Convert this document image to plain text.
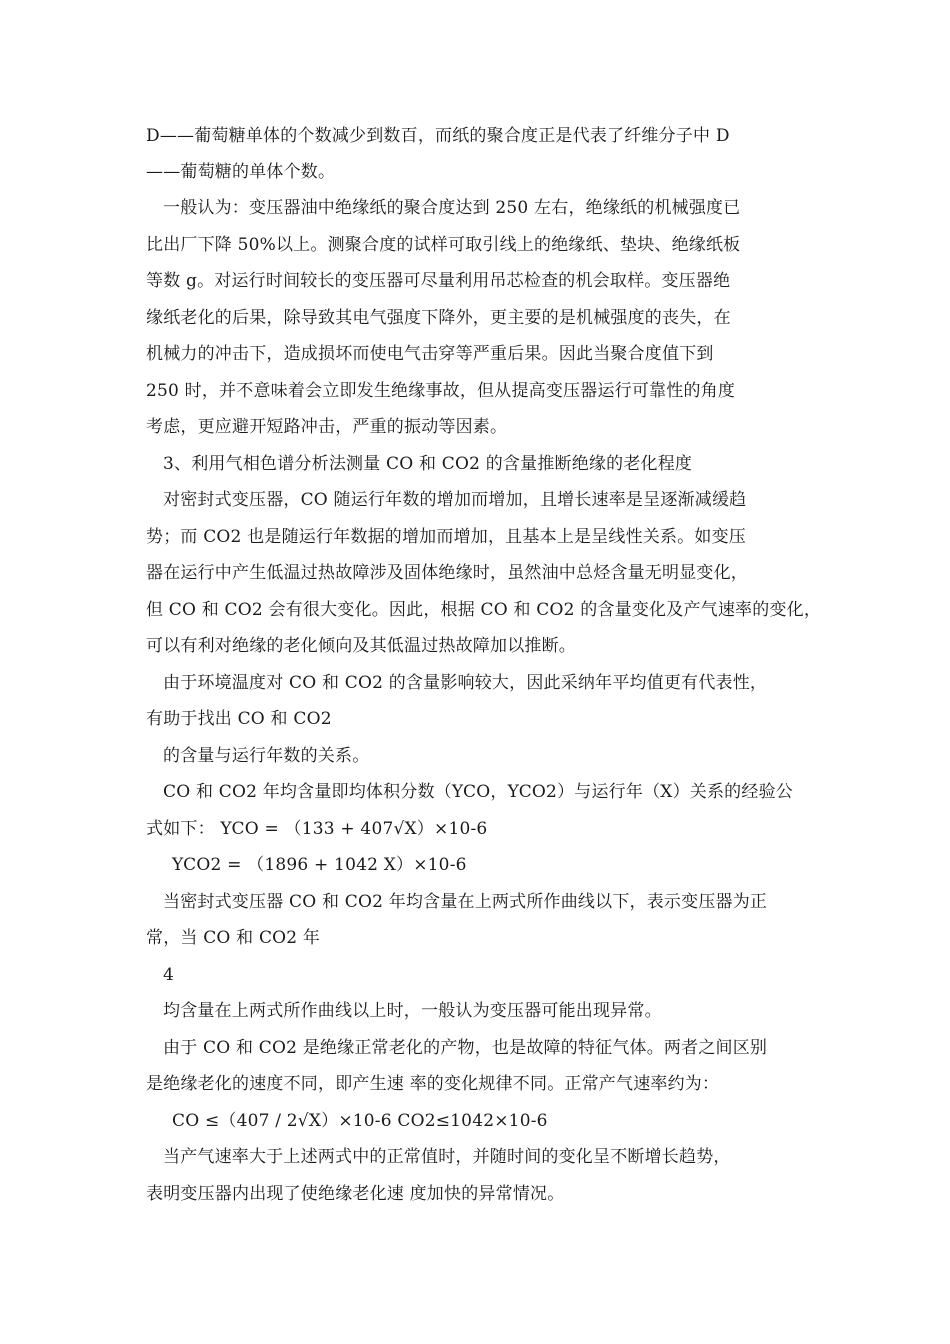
D——葡萄糖单体的个数减少到数百，而纸的聚合度正是代表了纤维分子中 D
——葡萄糖的单体个数。
一般认为：变压器油中绝缘纸的聚合度达到 250 左右，绝缘纸的机械强度已
比出厂下降 50%以上。测聚合度的试样可取引线上的绝缘纸、垫块、绝缘纸板
等数 g。对运行时间较长的变压器可尽量利用吊芯检查的机会取样。变压器绝
缘纸老化的后果，除导致其电气强度下降外，更主要的是机械强度的丧失，在
机械力的冲击下，造成损坏而使电气击穿等严重后果。因此当聚合度值下到
250 时，并不意味着会立即发生绝缘事故，但从提高变压器运行可靠性的角度
考虑，更应避开短路冲击，严重的振动等因素。
3、利用气相色谱分析法测量 CO 和 CO2 的含量推断绝缘的老化程度
对密封式变压器，CO 随运行年数的增加而增加，且增长速率是呈逐渐减缓趋
势；而 CO2 也是随运行年数据的增加而增加，且基本上是呈线性关系。如变压
器在运行中产生低温过热故障涉及固体绝缘时，虽然油中总烃含量无明显变化，
但 CO 和 CO2 会有很大变化。因此，根据 CO 和 CO2 的含量变化及产气速率的变化，
可以有利对绝缘的老化倾向及其低温过热故障加以推断。
由于环境温度对 CO 和 CO2 的含量影响较大，因此采纳年平均值更有代表性，
有助于找出 CO 和 CO2
的含量与运行年数的关系。
CO 和 CO2 年均含量即均体积分数（YCO，YCO2）与运行年（X）关系的经验公
式如下： YCO = （133 + 407√X）×10-6
YCO2 = （1896 + 1042 X）×10-6
当密封式变压器 CO 和 CO2 年均含量在上两式所作曲线以下，表示变压器为正
常，当 CO 和 CO2 年
4
均含量在上两式所作曲线以上时，一般认为变压器可能出现异常。
由于 CO 和 CO2 是绝缘正常老化的产物，也是故障的特征气体。两者之间区别
是绝缘老化的速度不同，即产生速 率的变化规律不同。正常产气速率约为：
CO ≤（407 / 2√X）×10-6 CO2≤1042×10-6
当产气速率大于上述两式中的正常值时，并随时间的变化呈不断增长趋势，
表明变压器内出现了使绝缘老化速 度加快的异常情况。
